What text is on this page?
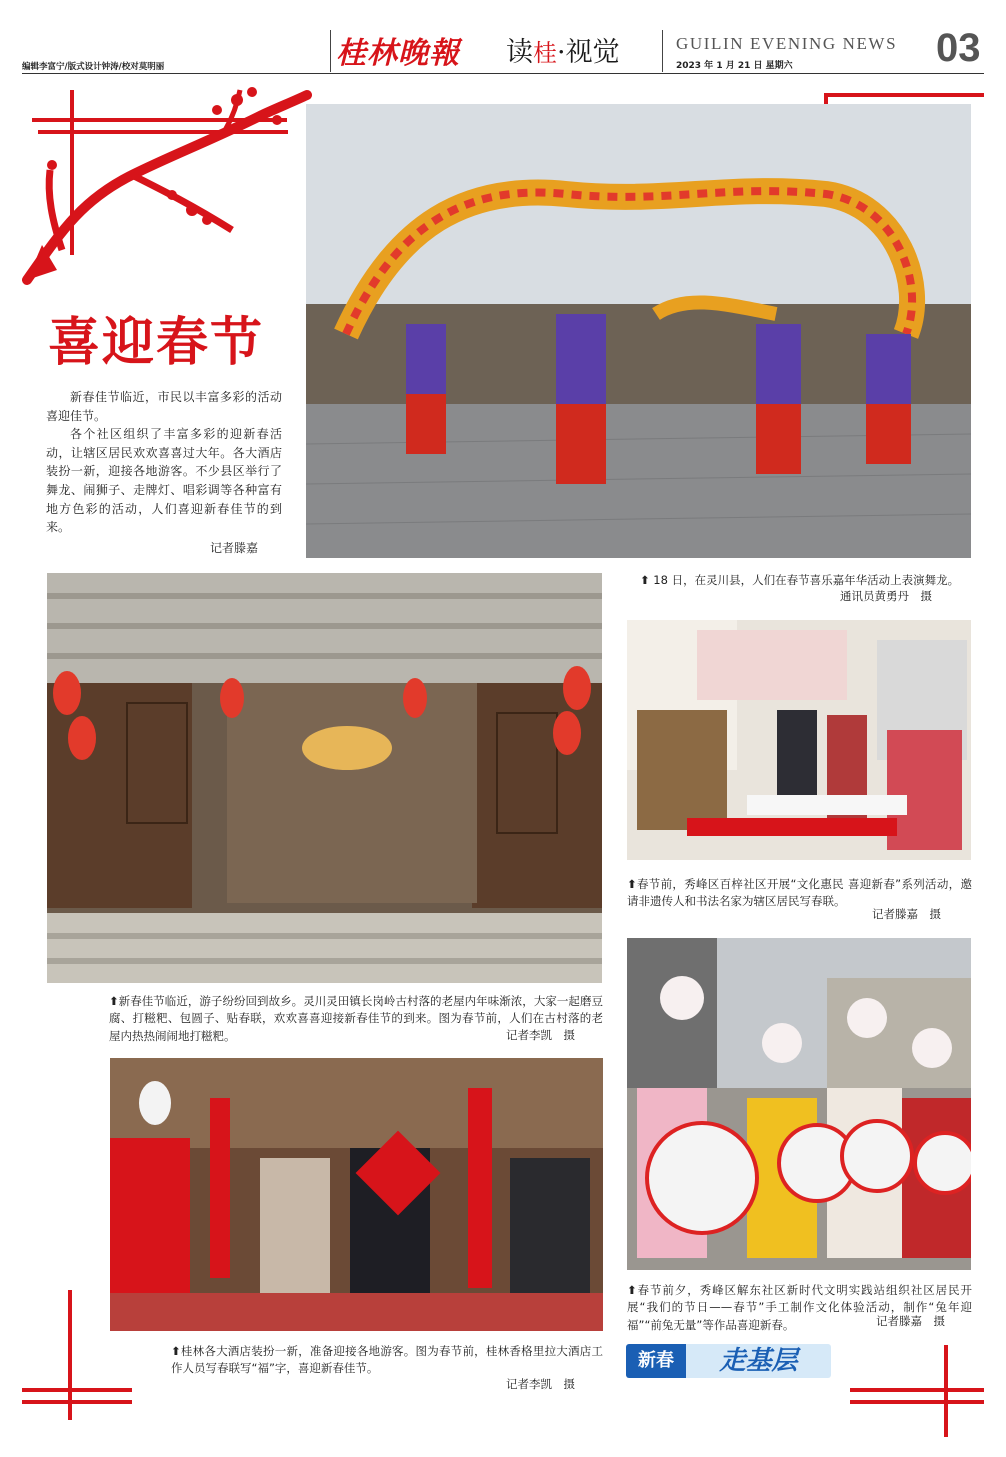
编辑李富宁/版式设计钟涛/校对莫明丽	桂林晚報 读桂·视觉	GUILIN EVENING NEWS
2023 年 1 月 21 日 星期六	03
喜迎春节

新春佳节临近，市民以丰富多彩的活动喜迎佳节。

各个社区组织了丰富多彩的迎新春活动，让辖区居民欢欢喜喜过大年。各大酒店装扮一新，迎接各地游客。不少县区举行了舞龙、闹狮子、走牌灯、唱彩调等各种富有地方色彩的活动，人们喜迎新春佳节的到来。

记者滕嘉
⬆ 18 日，在灵川县，人们在春节喜乐嘉年华活动上表演舞龙。
通讯员黄勇丹　摄
⬆新春佳节临近，游子纷纷回到故乡。灵川灵田镇长岗岭古村落的老屋内年味渐浓，大家一起磨豆腐、打糍粑、包圆子、贴春联，欢欢喜喜迎接新春佳节的到来。图为春节前，人们在古村落的老屋内热热闹闹地打糍粑。	记者李凯　摄
⬆春节前，秀峰区百梓社区开展“文化惠民 喜迎新春”系列活动，邀请非遗传人和书法名家为辖区居民写春联。
记者滕嘉　摄
⬆桂林各大酒店装扮一新，准备迎接各地游客。图为春节前，桂林香格里拉大酒店工作人员写春联写“福”字，喜迎新春佳节。
记者李凯　摄
⬆春节前夕，秀峰区解东社区新时代文明实践站组织社区居民开展“我们的节日——春节”手工制作文化体验活动，制作“兔年迎福”“前兔无量”等作品喜迎新春。	记者滕嘉　摄
新春	走基层
